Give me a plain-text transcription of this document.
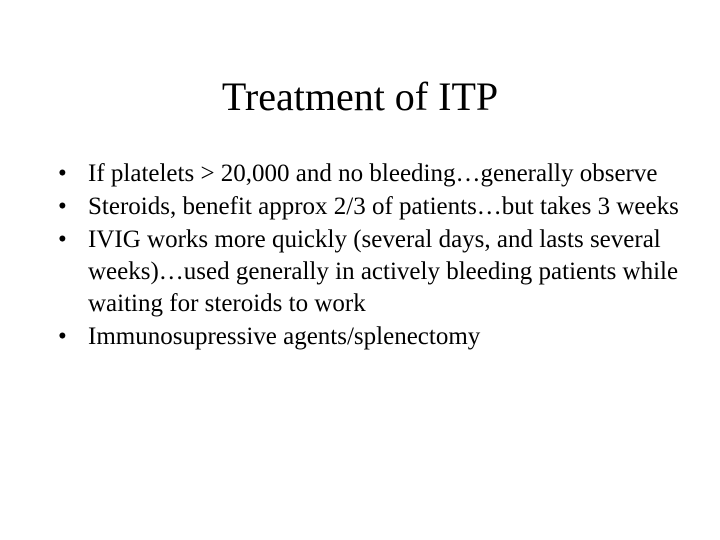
Treatment of ITP
• If platelets > 20,000 and no bleeding…generally observe
• Steroids, benefit approx 2/3 of patients…but takes 3 weeks
• IVIG works more quickly (several days, and lasts several weeks)…used generally in actively bleeding patients while waiting for steroids to work
• Immunosupressive agents/splenectomy
